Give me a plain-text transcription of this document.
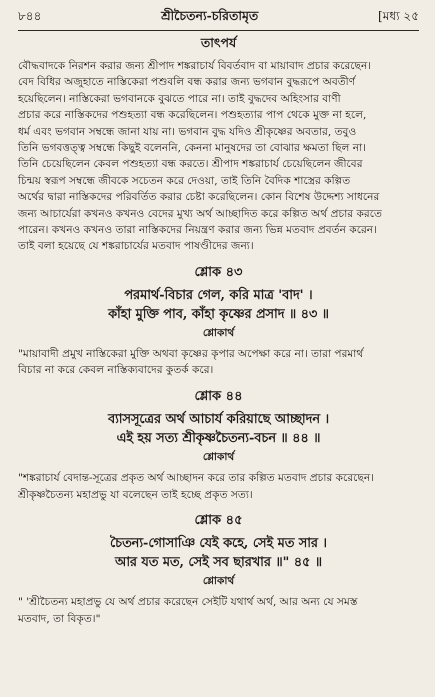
৮৪৪	শ্রীচৈতন্য-চরিতামৃত	[মধ্য ২৫
তাৎপর্য

বৌদ্ধবাদকে নিরশন করার জন্য শ্রীপাদ শঙ্করাচার্য বিবর্তবাদ বা মায়াবাদ প্রচার করেছেন।

বেদ বিধির অজুহাতে নাস্তিকেরা পশুবলি বন্ধ করার জন্য ভগবান বুদ্ধরূপে অবতীর্ণ

হয়েছিলেন। নাস্তিকেরা ভগবানকে বুঝতে পারে না। তাই বুদ্ধদেব অহিংসার বাণী

প্রচার করে নাস্তিকদের পশুহত্যা বন্ধ করেছিলেন। পশুহত্যার পাপ থেকে মুক্ত না হলে,

ধর্ম এবং ভগবান সম্বন্ধে জানা যায় না। ভগবান বুদ্ধ যদিও শ্রীকৃষ্ণের অবতার, তবুও

তিনি ভগবত্তত্ত্ব সম্বন্ধে কিছুই বলেননি, কেননা মানুষদের তা বোঝার ক্ষমতা ছিল না।

তিনি চেয়েছিলেন কেবল পশুহত্যা বন্ধ করতে। শ্রীপাদ শঙ্করাচার্য চেয়েছিলেন জীবের

চিন্ময় স্বরূপ সম্বন্ধে জীবকে সচেতন করে দেওয়া, তাই তিনি বৈদিক শাস্ত্রের কল্পিত

অর্থের দ্বারা নাস্তিকদের পরিবর্তিত করার চেষ্টা করেছিলেন। কোন বিশেষ উদ্দেশ্য সাধনের

জন্য আচার্যেরা কখনও কখনও বেদের মুখ্য অর্থ আচ্ছাদিত করে কল্পিত অর্থ প্রচার করতে

পারেন। কখনও কখনও তারা নাস্তিকদের নিয়ন্ত্রণ করার জন্য ভিন্ন মতবাদ প্রবর্তন করেন।

তাই বলা হয়েছে যে শঙ্করাচার্যের মতবাদ পাষণ্ডীদের জন্য।

শ্লোক ৪৩
পরমার্থ-বিচার গেল, করি মাত্র 'বাদ' ।
কাঁহা মুক্তি পাব, কাঁহা কৃষ্ণের প্রসাদ ॥ ৪৩ ॥
শ্লোকার্থ
"মায়াবাদী প্রমুখ নাস্তিকেরা মুক্তি অথবা কৃষ্ণের কৃপার অপেক্ষা করে না। তারা পরমার্থ
বিচার না করে কেবল নাস্তিক্যবাদের কুতর্ক করে।
শ্লোক ৪৪
ব্যাসসূত্রের অর্থ আচার্য করিয়াছে আচ্ছাদন ।
এই হয় সত্য শ্রীকৃষ্ণচৈতন্য-বচন ॥ ৪৪ ॥
শ্লোকার্থ
"শঙ্করাচার্য বেদান্ত-সূত্রের প্রকৃত অর্থ আচ্ছাদন করে তার কল্পিত মতবাদ প্রচার করেছেন।
শ্রীকৃষ্ণচৈতন্য মহাপ্রভু যা বলেছেন তাই হচ্ছে প্রকৃত সত্য।
শ্লোক ৪৫
চৈতন্য-গোসাঞি যেই কহে, সেই মত সার ।
আর যত মত, সেই সব ছারখার ॥" ৪৫ ॥
শ্লোকার্থ
" 'শ্রীচৈতন্য মহাপ্রভু যে অর্থ প্রচার করেছেন সেইটি যথার্থ অর্থ, আর অন্য যে সমস্ত
মতবাদ, তা বিকৃত।"
